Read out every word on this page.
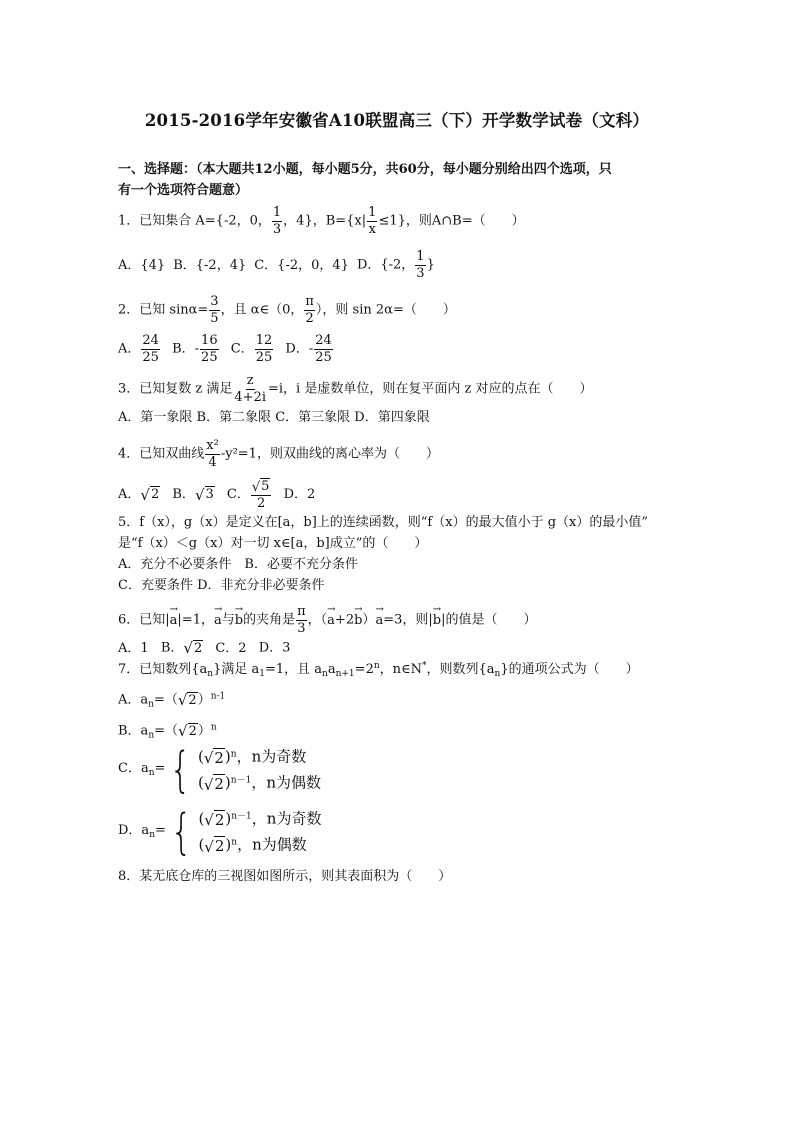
2015-2016学年安徽省A10联盟高三（下）开学数学试卷（文科）
一、选择题：（本大题共12小题，每小题5分，共60分，每小题分别给出四个选项，只
有一个选项符合题意）
1．已知集合 A={-2，0， $\frac{1}{3}$ ，4}，$B=\{x| \frac{1}{x} \le 1\}$，则A∩B=（　　）
A．{4} B．{-2，4} C．{-2，0，4} D．{-2， $\frac{1}{3}$ }
2．已知 $\sin\alpha= \frac{3}{5}$ ，且 α∈（0， $\frac{\pi}{2}$ ），则 sin 2α=（　　）
A． $\frac{24}{25}$ B．- $\frac{16}{25}$ C． $\frac{12}{25}$ D．- $\frac{24}{25}$
3．已知复数 z 满足 $\frac{z}{4+2i} =i$，i 是虚数单位，则在复平面内 z 对应的点在（　　）
A．第一象限 B．第二象限 C．第三象限 D．第四象限
4．已知双曲线 $\frac{\text{x²}}{4} -y^2=1$，则双曲线的离心率为（　　）
A． √ 2 B． √ 3 C． $\frac{√ 5}{2}$ D．2
5．f（x），g（x）是定义在[a，b]上的连续函数，则“f（x）的最大值小于 g（x）的最小值”
是“f（x）＜g（x）对一切 x∈[a，b]成立”的（　　）
A．充分不必要条件　B．必要不充分条件
C．充要条件 D．非充分非必要条件
6．已知|→ a|=1，→ a与→ b的夹角是 $\frac{\pi}{3}$ ，（→ a+2→ b）→ a=3，则|→ b|的值是（　　）
A．1 B． √ 2 C．2 D．3
7．已知数列$\{a_n\}$满足 $a_1=1$，且 $a_na_{n+1}=2^n$，n∈N*，则数列$\{a_n\}$的通项公式为（　　）
A．$a_n=$（ √ 2 ）$^{n-1}$
B．$a_n=$（ √ 2 ）$^n$
C．$a_n=$ { ( √ 2 )$^n$，n为奇数
( √ 2 )$^{n-1}$，n为偶数
D．$a_n=$ { ( √ 2 )$^{n-1}$，n为奇数
( √ 2 )$^n$，n为偶数
8．某无底仓库的三视图如图所示，则其表面积为（　　）
